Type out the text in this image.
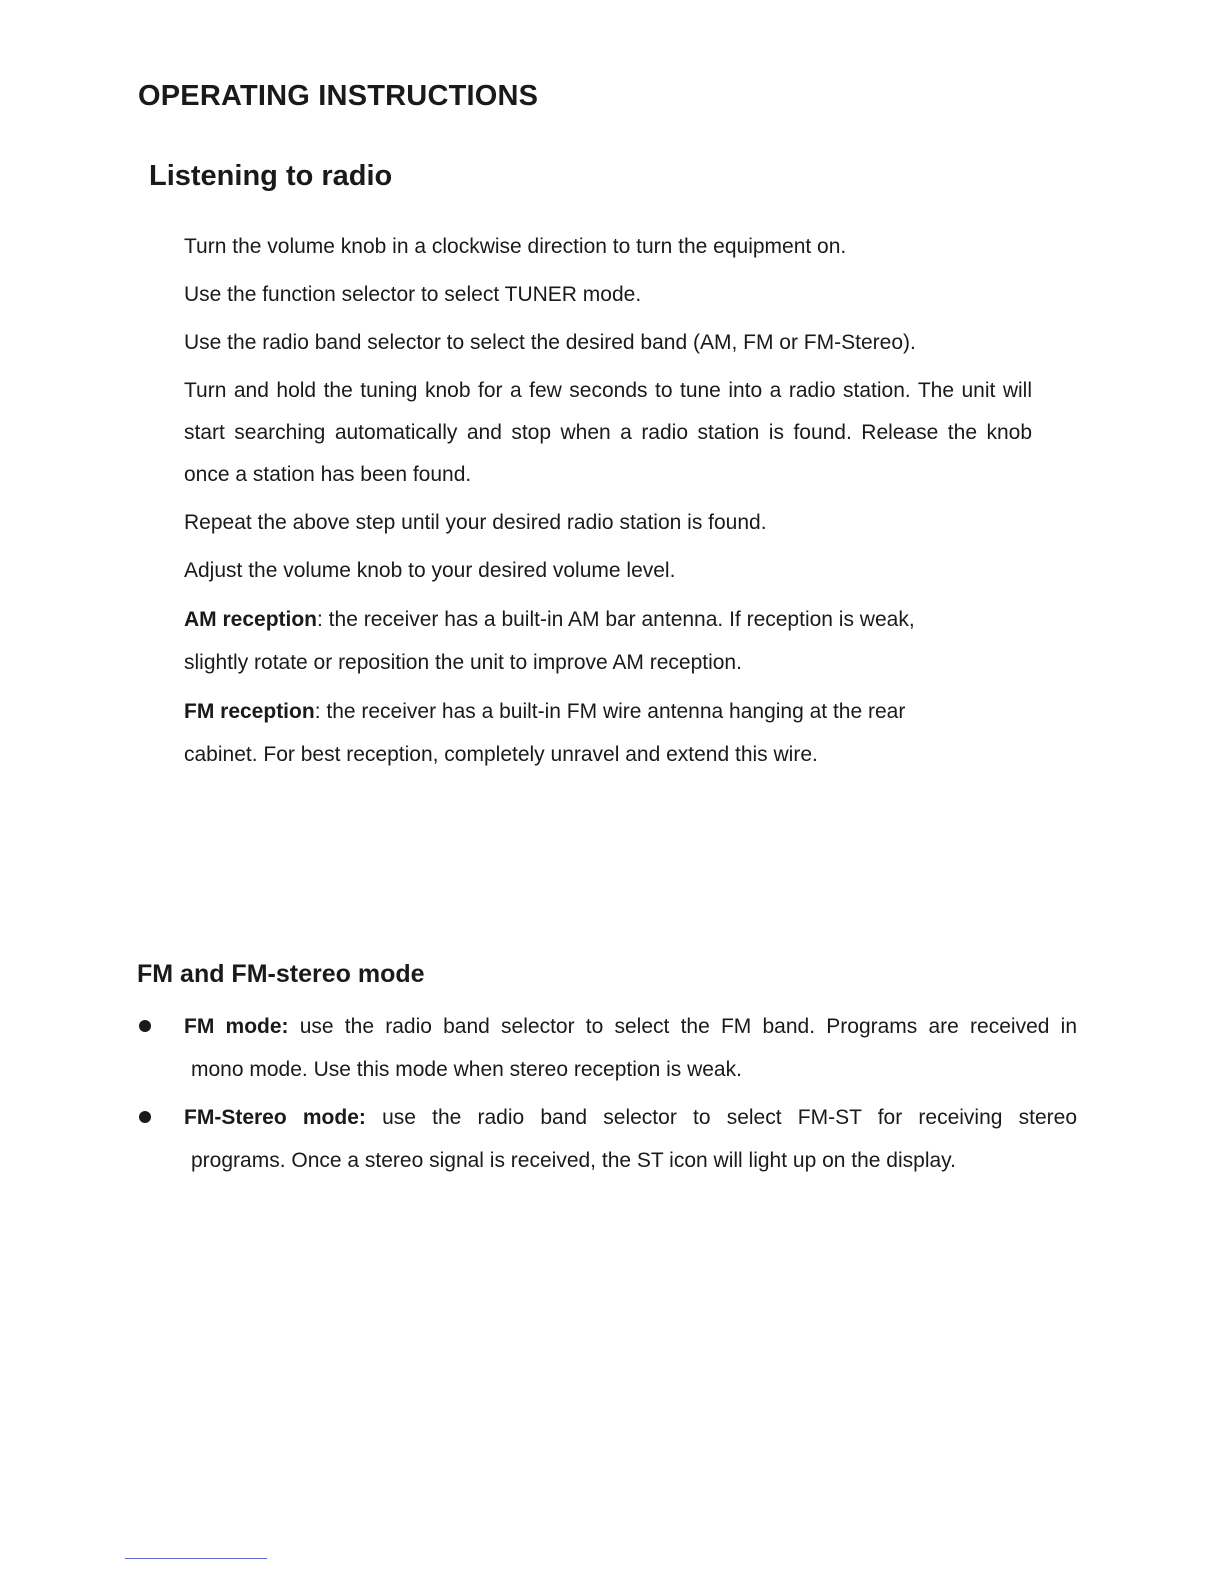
OPERATING INSTRUCTIONS
Listening to radio

Turn the volume knob in a clockwise direction to turn the equipment on.

Use the function selector to select TUNER mode.

Use the radio band selector to select the desired band (AM, FM or FM-Stereo).

Turn and hold the tuning knob for a few seconds to tune into a radio station. The unit will start searching automatically and stop when a radio station is found. Release the knob once a station has been found.

Repeat the above step until your desired radio station is found.

Adjust the volume knob to your desired volume level.

AM reception: the receiver has a built-in AM bar antenna. If reception is weak,
slightly rotate or reposition the unit to improve AM reception.

FM reception: the receiver has a built-in FM wire antenna hanging at the rear
cabinet. For best reception, completely unravel and extend this wire.

FM and FM-stereo mode
FM mode: use the radio band selector to select the FM band. Programs are received in
mono mode. Use this mode when stereo reception is weak.
FM-Stereo mode: use the radio band selector to select FM-ST for receiving stereo
programs. Once a stereo signal is received, the ST icon will light up on the display.
